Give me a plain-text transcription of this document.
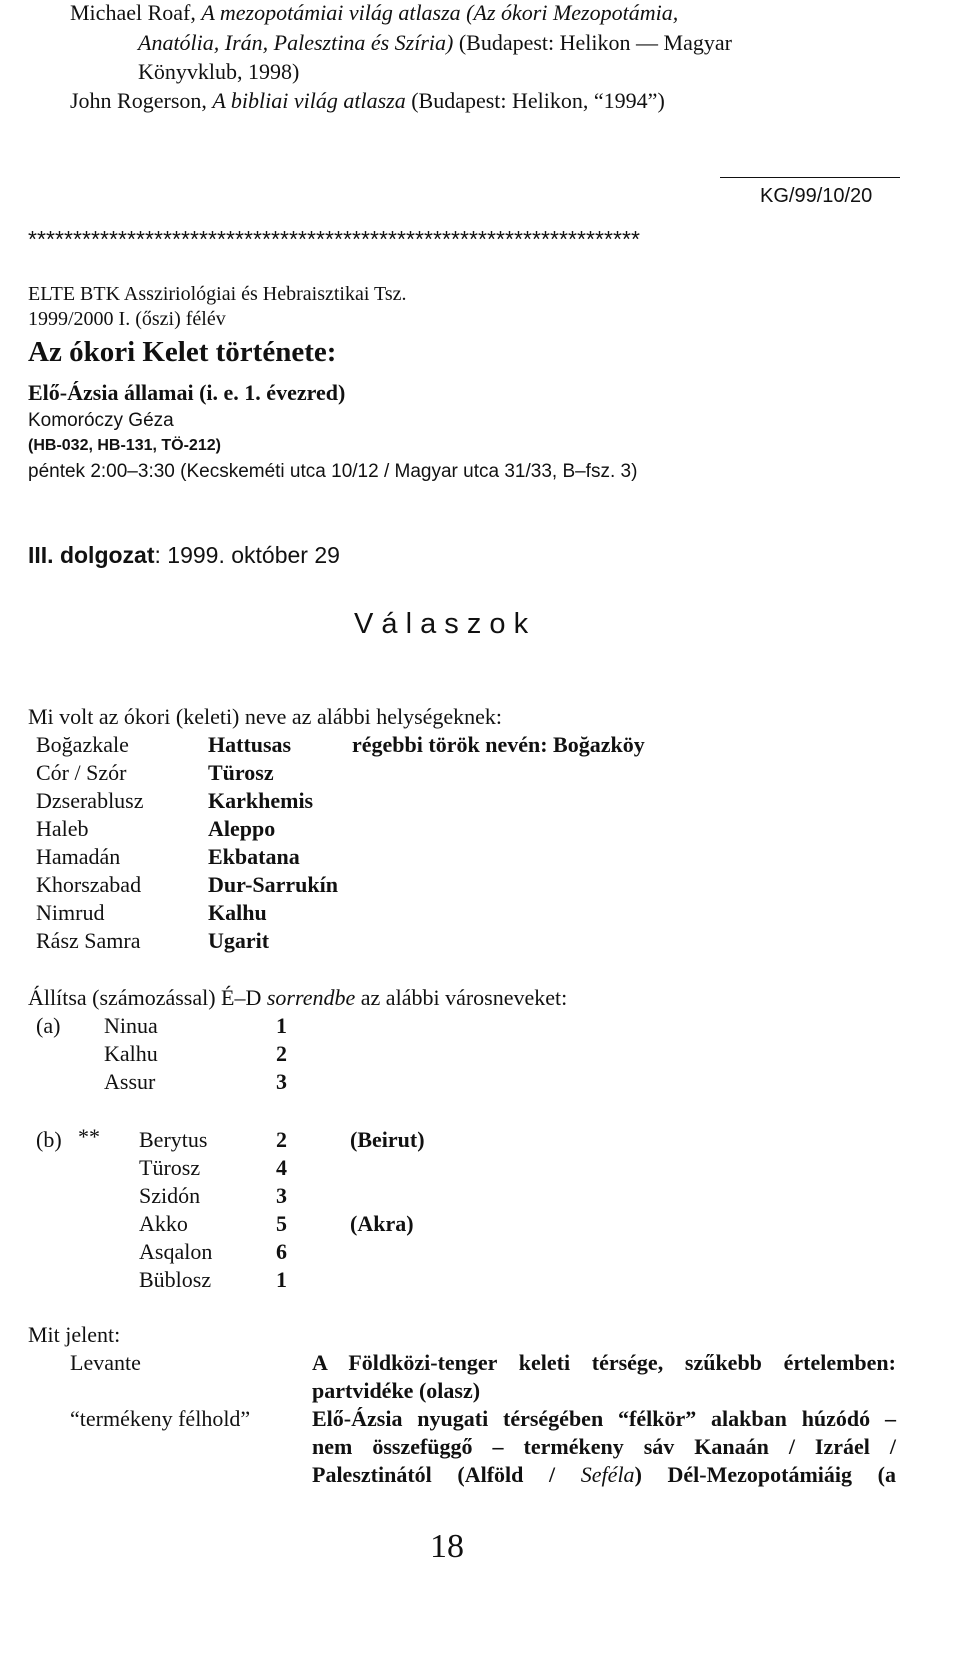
Michael Roaf, A mezopotámiai világ atlasza (Az ókori Mezopotámia,
Anatólia, Irán, Palesztina és Szíria) (Budapest: Helikon — Magyar
Könyvklub, 1998)
John Rogerson, A bibliai világ atlasza (Budapest: Helikon, “1994”)
KG/99/10/20
********************************************************************
ELTE BTK Assziriológiai és Hebraisztikai Tsz.
1999/2000 I. (őszi) félév
Az ókori Kelet története:
Elő-Ázsia államai (i. e. 1. évezred)
Komoróczy Géza
(HB-032, HB-131, TÖ-212)
péntek 2:00–3:30 (Kecskeméti utca 10/12 / Magyar utca 31/33, B–fsz. 3)
III. dolgozat: 1999. október 29
V á l a s z o k
Mi volt az ókori (keleti) neve az alábbi helységeknek:
Boğazkale	Hattusas	régebbi török nevén: Boğazköy
Cór / Szór	Türosz
Dzserablusz	Karkhemis
Haleb	Aleppo
Hamadán	Ekbatana
Khorszabad	Dur-Sarrukín
Nimrud	Kalhu
Rász Samra	Ugarit
Állítsa (számozással) É–D sorrendbe az alábbi városneveket:
(a) Ninua	1
Kalhu	2
Assur	3
(b) ** Berytus	2	(Beirut)
Türosz	4
Szidón	3
Akko	5	(Akra)
Asqalon	6
Büblosz	1
Mit jelent:
Levante	A Földközi-tenger keleti térsége, szűkebb értelemben:
partvidéke (olasz)
“termékeny félhold”	Elő-Ázsia nyugati térségében “félkör” alakban húzódó –
nem összefüggő – termékeny sáv Kanaán / Izráel /
Palesztinától (Alföld / Seféla) Dél-Mezopotámiáig (a
18
